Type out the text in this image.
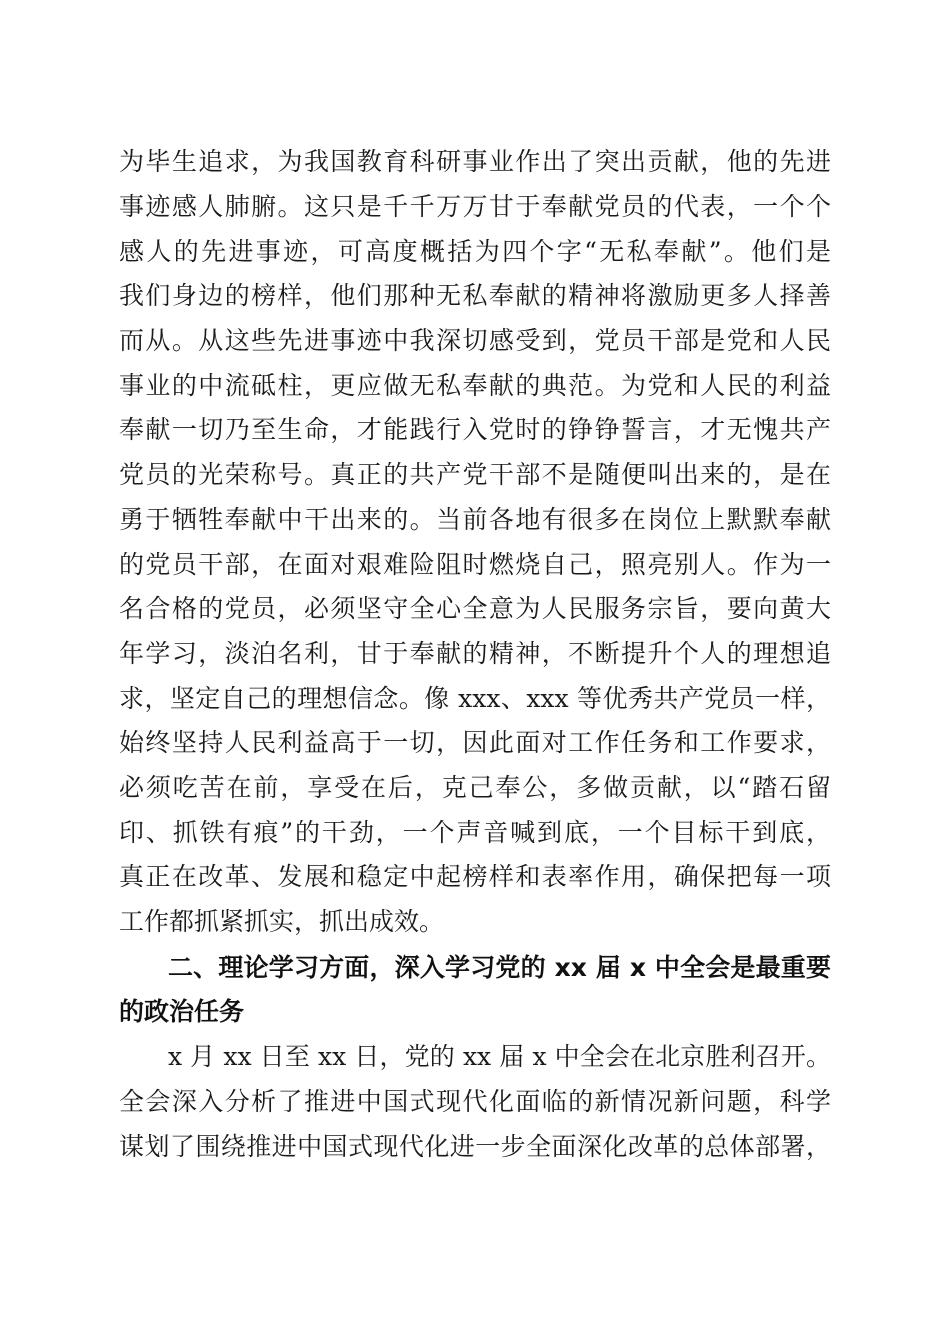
为毕生追求，为我国教育科研事业作出了突出贡献，他的先进
事迹感人肺腑。这只是千千万万甘于奉献党员的代表，一个个
感人的先进事迹，可高度概括为四个字“无私奉献”。他们是
我们身边的榜样，他们那种无私奉献的精神将激励更多人择善
而从。从这些先进事迹中我深切感受到，党员干部是党和人民
事业的中流砥柱，更应做无私奉献的典范。为党和人民的利益
奉献一切乃至生命，才能践行入党时的铮铮誓言，才无愧共产
党员的光荣称号。真正的共产党干部不是随便叫出来的，是在
勇于牺牲奉献中干出来的。当前各地有很多在岗位上默默奉献
的党员干部，在面对艰难险阻时燃烧自己，照亮别人。作为一
名合格的党员，必须坚守全心全意为人民服务宗旨，要向黄大
年学习，淡泊名利，甘于奉献的精神，不断提升个人的理想追
求，坚定自己的理想信念。像 xxx、xxx 等优秀共产党员一样，
始终坚持人民利益高于一切，因此面对工作任务和工作要求，
必须吃苦在前，享受在后，克己奉公，多做贡献，以“踏石留
印、抓铁有痕”的干劲，一个声音喊到底，一个目标干到底，
真正在改革、发展和稳定中起榜样和表率作用，确保把每一项
工作都抓紧抓实，抓出成效。
二、理论学习方面，深入学习党的 xx 届 x 中全会是最重要
的政治任务
x 月 xx 日至 xx 日，党的 xx 届 x 中全会在北京胜利召开。
全会深入分析了推进中国式现代化面临的新情况新问题，科学
谋划了围绕推进中国式现代化进一步全面深化改革的总体部署，
